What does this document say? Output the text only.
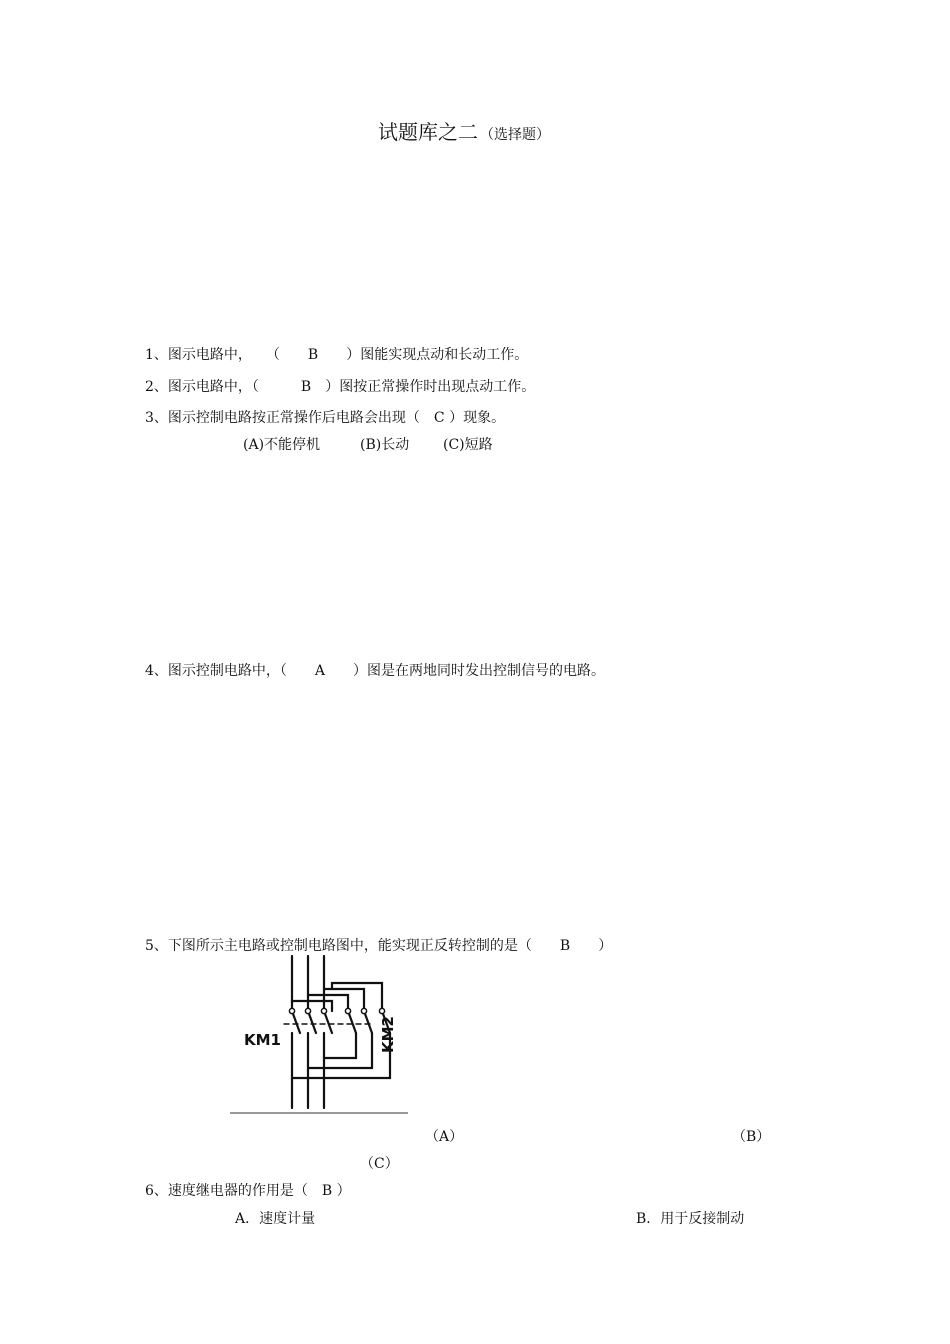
试题库之二 （选择题）
1、图示电路中，　　（　　B　　）图能实现点动和长动工作。
2、图示电路中，（　　　B　）图按正常操作时出现点动工作。
3、图示控制电路按正常操作后电路会出现（　C ）现象。
(A)不能停机	(B)长动 (C)短路
4、图示控制电路中，（　　A　　）图是在两地同时发出控制信号的电路。
5、下图所示主电路或控制电路图中，能实现正反转控制的是（　　B　　）
KM1	KM2
（A）	（B）
（C）
6、速度继电器的作用是（　B ）
A．速度计量	B．用于反接制动
